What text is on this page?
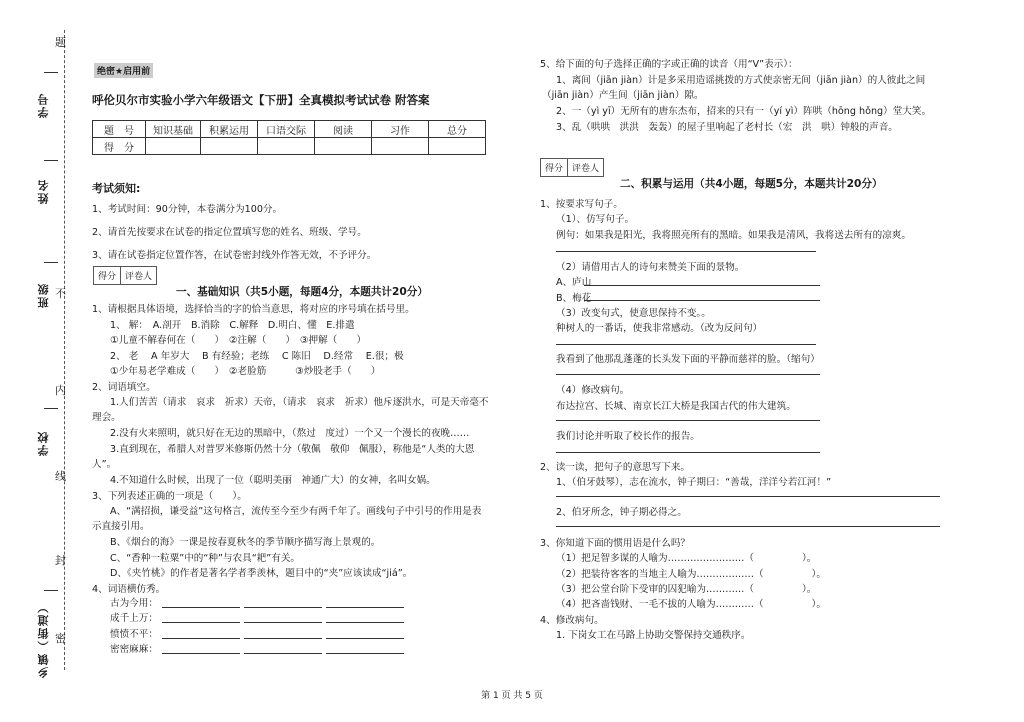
题
学号
姓名
班级 不
内
学校
线
封
乡镇（街道） 密
绝密★启用前
呼伦贝尔市实验小学六年级语文【下册】全真模拟考试试卷 附答案
题　号	知识基础	积累运用	口语交际	阅读	习作	总分
得　分						
考试须知:
1、考试时间：90分钟，本卷满分为100分。
2、请首先按要求在试卷的指定位置填写您的姓名、班级、学号。
3、请在试卷指定位置作答，在试卷密封线外作答无效，不予评分。
得分	评卷人
一、基础知识（共5小题，每题4分，本题共计20分）
1、请根据具体语境，选择恰当的字的恰当意思，将对应的序号填在括号里。
1、 解：　A.剖开　B.消除　C.解释　D.明白、懂　E.排遣
①儿童不解春何在（　　）　②注解（　　）　③押解（　　）
2、 老　 A 年岁大　 B 有经验；老练　 C 陈旧　 D.经常　 E.很；极
①少年易老学难成（　　）　②老脸筋　　　③炒股老手（　　）
2、词语填空。
1.人们苦苦（请求　哀求　祈求）天帝，（请求　哀求　祈求）他斥逐洪水，可是天帝毫不
理会。
2.没有火来照明，就只好在无边的黑暗中，（熬过　度过）一个又一个漫长的夜晚……
3.直到现在，希腊人对普罗米修斯仍然十分（敬佩　敬仰　佩服），称他是“人类的大恩
人”。
4.不知道什么时候，出现了一位（聪明美丽　神通广大）的女神，名叫女娲。
3、下列表述正确的一项是（　　）。
A、“满招损，谦受益”这句格言，流传至今至少有两千年了。画线句子中引号的作用是表
示直接引用。
B、《烟台的海》一课是按春夏秋冬的季节顺序描写海上景观的。
C、“香种一粒粟”中的“种”与农具“耙”有关。
D、《夹竹桃》的作者是著名学者季羡林，题目中的“夹”应该读成“jiá”。
4、词语横仿秀。
古为今用：
成千上万：
愤愤不平：
密密麻麻：
5、给下面的句子选择正确的字或正确的读音（用“V”表示）：
1、离间（jiān jiàn）计是多采用造谣挑拨的方式使亲密无间（jiān jiàn）的人彼此之间
（jiān jiàn）产生间（jiān jiàn）隙。
2、一（yì yī）无所有的唐东杰布，招来的只有一（yí yì）阵哄（hōng hǒng）堂大笑。
3、乱（哄哄　洪洪　轰轰）的屋子里响起了老村长（宏　洪　哄）钟般的声音。
得分	评卷人
二、积累与运用（共4小题，每题5分，本题共计20分）
1、按要求写句子。
（1）、仿写句子。
例句：如果我是阳光，我将照亮所有的黑暗。如果我是清风，我将送去所有的凉爽。
（2）请借用古人的诗句来赞美下面的景物。
A、庐山
B、梅花
（3）改变句式，使意思保持不变。。
种树人的一番话，使我非常感动。（改为反问句）
我看到了他那乱蓬蓬的长头发下面的平静而慈祥的脸。（缩句）
（4）修改病句。
布达拉宫、长城、南京长江大桥是我国古代的伟大建筑。
我们讨论并听取了校长作的报告。
2、读一读，把句子的意思写下来。
1、（伯牙鼓琴），志在流水，钟子期曰：“善哉，洋洋兮若江河！”
2、伯牙所念，钟子期必得之。
3、你知道下面的惯用语是什么吗？
（1）把足智多谋的人喻为……………………（　　　　　）。
（2）把装待客客的当地主人喻为………………（　　　　　）。
（3）把公堂台阶下受审的囚犯喻为…………（　　　　　）。
（4）把吝啬钱财、一毛不拔的人喻为…………（　　　　　）。
4、修改病句。
1. 下岗女工在马路上协助交警保持交通秩序。
第 1 页 共 5 页
